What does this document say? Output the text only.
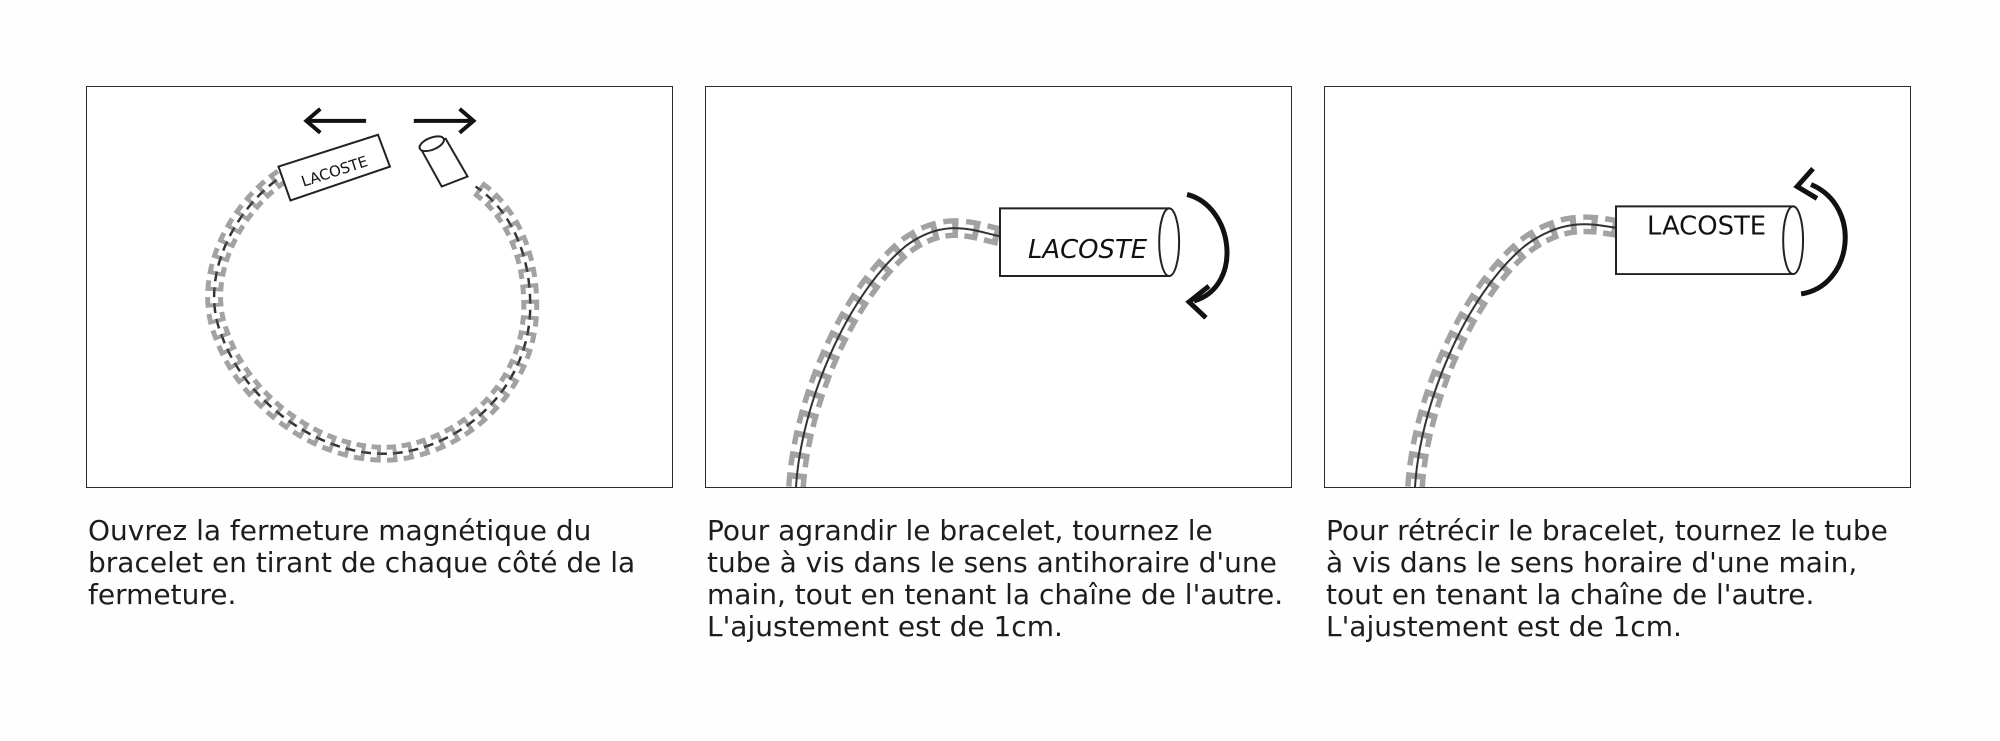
LACOSTE
LACOSTE
LACOSTE
Ouvrez la fermeture magnétique du
bracelet en tirant de chaque côté de la
fermeture.
Pour agrandir le bracelet, tournez le
tube à vis dans le sens antihoraire d'une
main, tout en tenant la chaîne de l'autre.
L'ajustement est de 1cm.
Pour rétrécir le bracelet, tournez le tube
à vis dans le sens horaire d'une main,
tout en tenant la chaîne de l'autre.
L'ajustement est de 1cm.
